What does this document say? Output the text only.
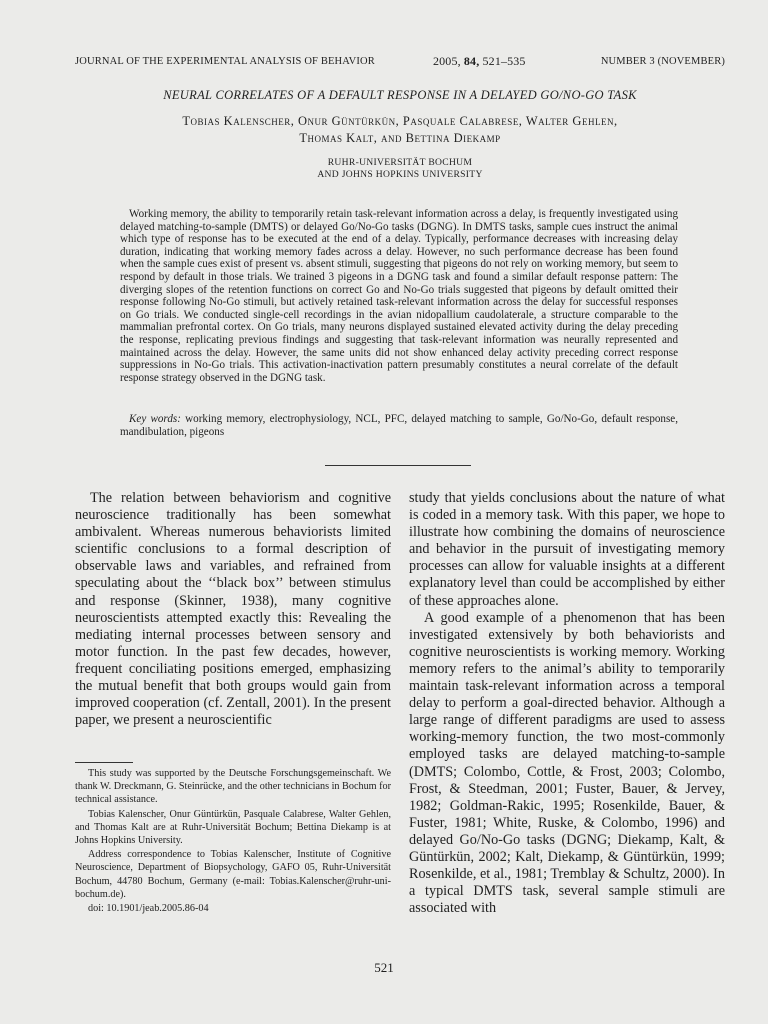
JOURNAL OF THE EXPERIMENTAL ANALYSIS OF BEHAVIOR	2005, 84, 521–535	NUMBER 3 (NOVEMBER)
NEURAL CORRELATES OF A DEFAULT RESPONSE IN A DELAYED GO/NO-GO TASK
Tobias Kalenscher, Onur Güntürkün, Pasquale Calabrese, Walter Gehlen,
Thomas Kalt, and Bettina Diekamp
RUHR-UNIVERSITÄT BOCHUM
AND JOHNS HOPKINS UNIVERSITY

Working memory, the ability to temporarily retain task-relevant information across a delay, is frequently investigated using delayed matching-to-sample (DMTS) or delayed Go/No-Go tasks (DGNG). In DMTS tasks, sample cues instruct the animal which type of response has to be executed at the end of a delay. Typically, performance decreases with increasing delay duration, indicating that working memory fades across a delay. However, no such performance decrease has been found when the sample cues exist of present vs. absent stimuli, suggesting that pigeons do not rely on working memory, but seem to respond by default in those trials. We trained 3 pigeons in a DGNG task and found a similar default response pattern: The diverging slopes of the retention functions on correct Go and No-Go trials suggested that pigeons by default omitted their response following No-Go stimuli, but actively retained task-relevant information across the delay for successful responses on Go trials. We conducted single-cell recordings in the avian nidopallium caudolaterale, a structure comparable to the mammalian prefrontal cortex. On Go trials, many neurons displayed sustained elevated activity during the delay preceding the response, replicating previous findings and suggesting that task-relevant information was neurally represented and maintained across the delay. However, the same units did not show enhanced delay activity preceding correct response suppressions in No-Go trials. This activation-inactivation pattern presumably constitutes a neural correlate of the default response strategy observed in the DGNG task.

Key words: working memory, electrophysiology, NCL, PFC, delayed matching to sample, Go/No-Go, default response, mandibulation, pigeons

The relation between behaviorism and cognitive neuroscience traditionally has been somewhat ambivalent. Whereas numerous behaviorists limited scientific conclusions to a formal description of observable laws and variables, and refrained from speculating about the ‘‘black box’’ between stimulus and response (Skinner, 1938), many cognitive neuroscientists attempted exactly this: Revealing the mediating internal processes between sensory and motor function. In the past few decades, however, frequent conciliating positions emerged, emphasizing the mutual benefit that both groups would gain from improved cooperation (cf. Zentall, 2001). In the present paper, we present a neuroscientific

This study was supported by the Deutsche Forschungsgemeinschaft. We thank W. Dreckmann, G. Steinrücke, and the other technicians in Bochum for technical assistance.

Tobias Kalenscher, Onur Güntürkün, Pasquale Calabrese, Walter Gehlen, and Thomas Kalt are at Ruhr-Universität Bochum; Bettina Diekamp is at Johns Hopkins University.

Address correspondence to Tobias Kalenscher, Institute of Cognitive Neuroscience, Department of Biopsychology, GAFO 05, Ruhr-Universität Bochum, 44780 Bochum, Germany (e-mail: Tobias.Kalenscher@ruhr-uni-bochum.de).

doi: 10.1901/jeab.2005.86-04

study that yields conclusions about the nature of what is coded in a memory task. With this paper, we hope to illustrate how combining the domains of neuroscience and behavior in the pursuit of investigating memory processes can allow for valuable insights at a different explanatory level than could be accomplished by either of these approaches alone.

A good example of a phenomenon that has been investigated extensively by both behaviorists and cognitive neuroscientists is working memory. Working memory refers to the animal’s ability to temporarily maintain task-relevant information across a temporal delay to perform a goal-directed behavior. Although a large range of different paradigms are used to assess working-memory function, the two most-commonly employed tasks are delayed matching-to-sample (DMTS; Colombo, Cottle, & Frost, 2003; Colombo, Frost, & Steedman, 2001; Fuster, Bauer, & Jervey, 1982; Goldman-Rakic, 1995; Rosenkilde, Bauer, & Fuster, 1981; White, Ruske, & Colombo, 1996) and delayed Go/No-Go tasks (DGNG; Diekamp, Kalt, & Güntürkün, 2002; Kalt, Diekamp, & Güntürkün, 1999; Rosenkilde, et al., 1981; Tremblay & Schultz, 2000). In a typical DMTS task, several sample stimuli are associated with

521
